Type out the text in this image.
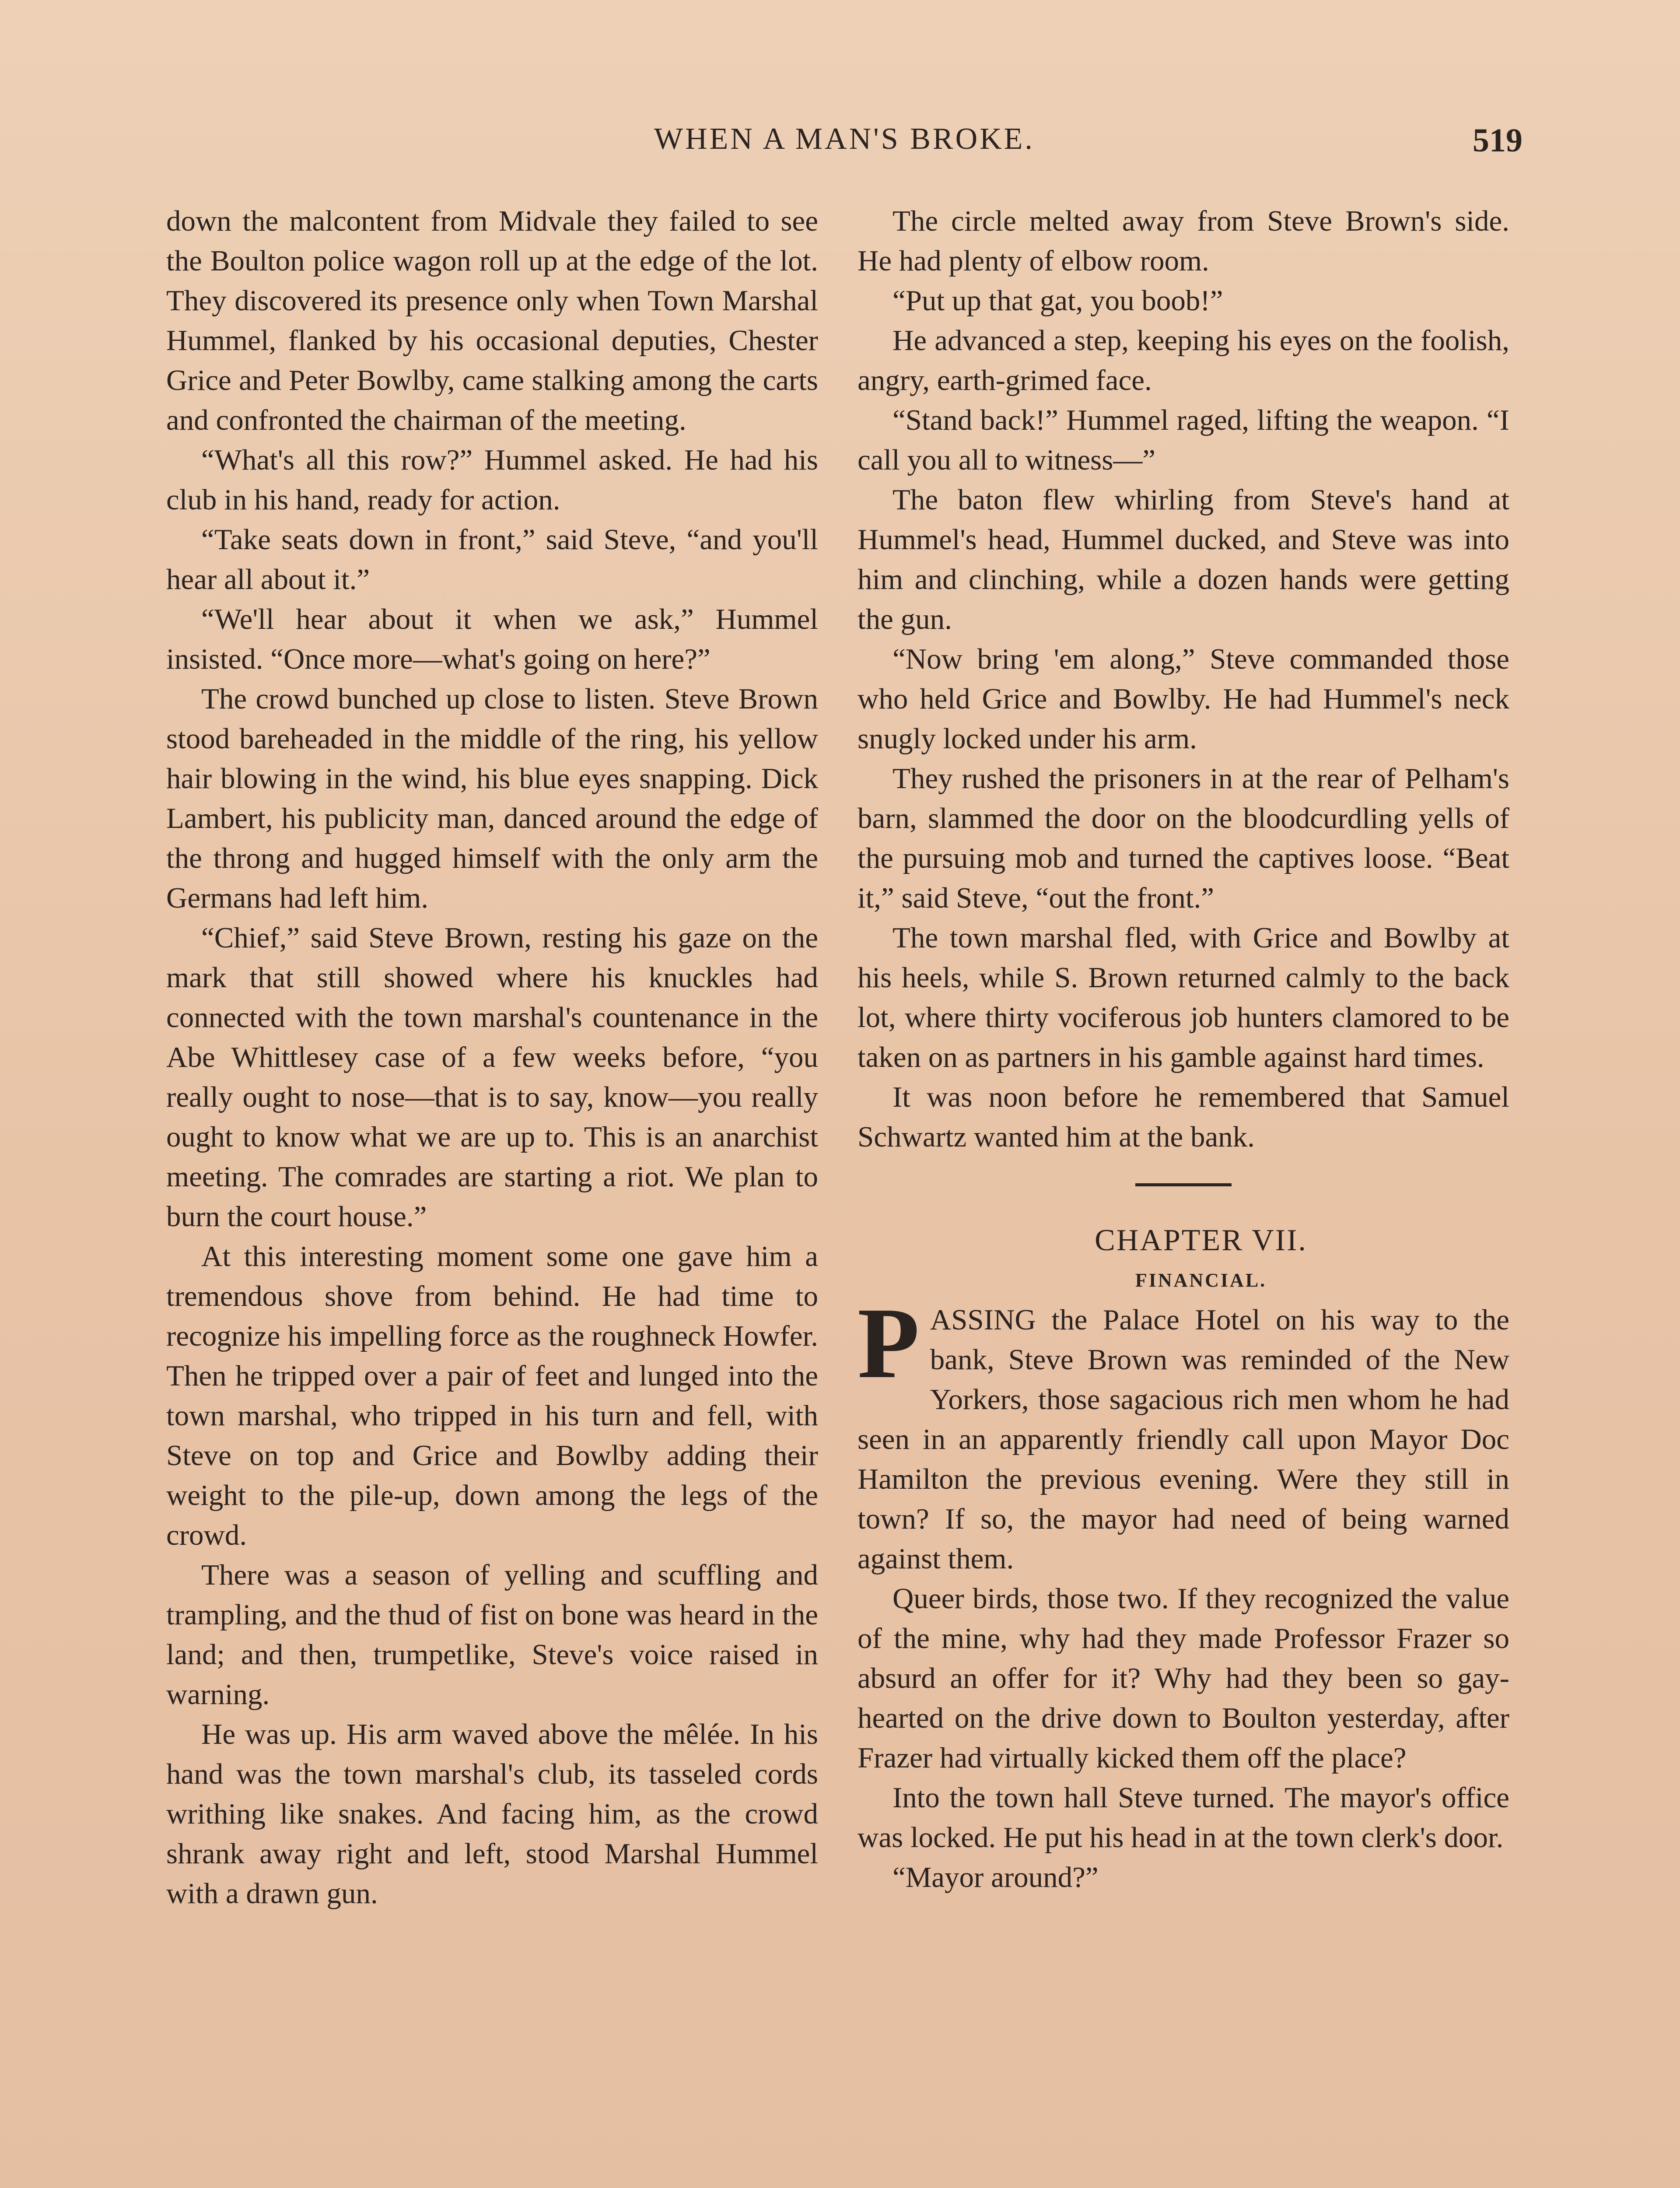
WHEN A MAN'S BROKE.	519

down the malcontent from Midvale they failed to see the Boulton police wagon roll up at the edge of the lot. They discovered its presence only when Town Marshal Hummel, flanked by his occasional deputies, Chester Grice and Peter Bowlby, came stalking among the carts and confronted the chairman of the meeting.

“What's all this row?” Hummel asked. He had his club in his hand, ready for action.

“Take seats down in front,” said Steve, “and you'll hear all about it.”

“We'll hear about it when we ask,” Hummel insisted. “Once more—what's going on here?”

The crowd bunched up close to listen. Steve Brown stood bareheaded in the middle of the ring, his yellow hair blowing in the wind, his blue eyes snapping. Dick Lambert, his publicity man, danced around the edge of the throng and hugged himself with the only arm the Germans had left him.

“Chief,” said Steve Brown, resting his gaze on the mark that still showed where his knuckles had connected with the town marshal's countenance in the Abe Whittlesey case of a few weeks before, “you really ought to nose—that is to say, know—you really ought to know what we are up to. This is an anarchist meeting. The comrades are starting a riot. We plan to burn the court house.”

At this interesting moment some one gave him a tremendous shove from behind. He had time to recognize his impelling force as the roughneck Howfer. Then he tripped over a pair of feet and lunged into the town marshal, who tripped in his turn and fell, with Steve on top and Grice and Bowlby adding their weight to the pile-up, down among the legs of the crowd.

There was a season of yelling and scuffling and trampling, and the thud of fist on bone was heard in the land; and then, trumpetlike, Steve's voice raised in warning.

He was up. His arm waved above the mêlée. In his hand was the town marshal's club, its tasseled cords writhing like snakes. And facing him, as the crowd shrank away right and left, stood Marshal Hummel with a drawn gun.

The circle melted away from Steve Brown's side. He had plenty of elbow room.

“Put up that gat, you boob!”

He advanced a step, keeping his eyes on the foolish, angry, earth-grimed face.

“Stand back!” Hummel raged, lifting the weapon. “I call you all to witness—”

The baton flew whirling from Steve's hand at Hummel's head, Hummel ducked, and Steve was into him and clinching, while a dozen hands were getting the gun.

“Now bring 'em along,” Steve commanded those who held Grice and Bowlby. He had Hummel's neck snugly locked under his arm.

They rushed the prisoners in at the rear of Pelham's barn, slammed the door on the bloodcurdling yells of the pursuing mob and turned the captives loose. “Beat it,” said Steve, “out the front.”

The town marshal fled, with Grice and Bowlby at his heels, while S. Brown returned calmly to the back lot, where thirty vociferous job hunters clamored to be taken on as partners in his gamble against hard times.

It was noon before he remembered that Samuel Schwartz wanted him at the bank.

CHAPTER VII.

FINANCIAL.

PASSING the Palace Hotel on his way to the bank, Steve Brown was reminded of the New Yorkers, those sagacious rich men whom he had seen in an apparently friendly call upon Mayor Doc Hamilton the previous evening. Were they still in town? If so, the mayor had need of being warned against them.

Queer birds, those two. If they recognized the value of the mine, why had they made Professor Frazer so absurd an offer for it? Why had they been so gay-hearted on the drive down to Boulton yesterday, after Frazer had virtually kicked them off the place?

Into the town hall Steve turned. The mayor's office was locked. He put his head in at the town clerk's door.

“Mayor around?”
